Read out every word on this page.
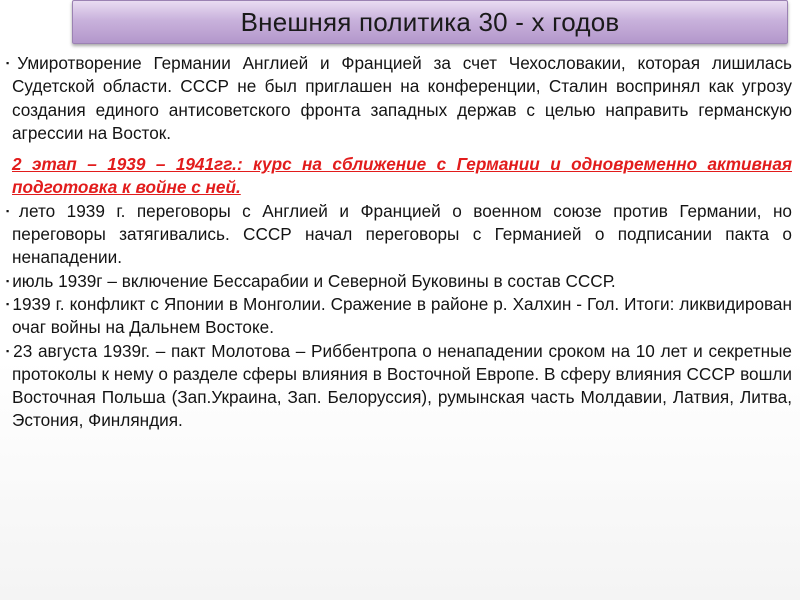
Внешняя политика 30 - х годов

▪Умиротворение Германии Англией и Францией за счет Чехословакии, которая лишилась Судетской области. СССР не был приглашен на конференции, Сталин воспринял как угрозу создания единого антисоветского фронта западных держав с целью направить германскую агрессии на Восток.

2 этап – 1939 – 1941гг.: курс на сближение с Германии и одновременно активная подготовка к войне с ней.

▪ лето 1939 г. переговоры с Англией и Францией о военном союзе против Германии, но переговоры затягивались. СССР начал переговоры с Германией о подписании пакта о ненападении.

▪ июль 1939г – включение Бессарабии и Северной Буковины в состав СССР.

▪ 1939 г. конфликт с Японии в Монголии. Сражение в районе р. Халхин - Гол. Итоги: ликвидирован очаг войны на Дальнем Востоке.

▪ 23 августа 1939г. – пакт Молотова – Риббентропа о ненападении сроком на 10 лет и секретные протоколы к нему о разделе сферы влияния в Восточной Европе. В сферу влияния СССР вошли Восточная Польша (Зап.Украина, Зап. Белоруссия), румынская часть Молдавии, Латвия, Литва, Эстония, Финляндия.
